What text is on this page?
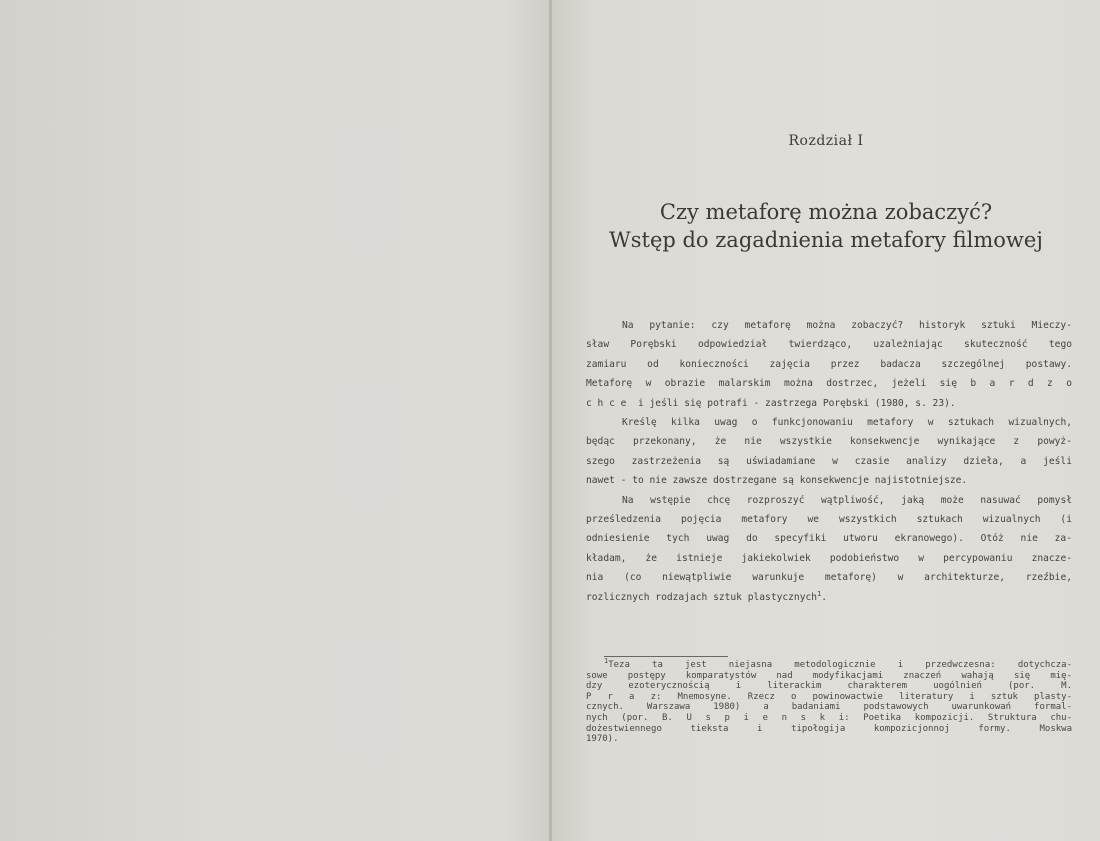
Rozdział I
Czy metaforę można zobaczyć?
Wstęp do zagadnienia metafory filmowej
Na pytanie: czy metaforę można zobaczyć? historyk sztuki Mieczy-
sław Porębski odpowiedział twierdząco, uzależniając skuteczność tego
zamiaru od konieczności zajęcia przez badacza szczególnej postawy.
Metaforę w obrazie malarskim można dostrzec, jeżeli się b a r d z o
c h c e  i jeśli się potrafi - zastrzega Porębski (1980, s. 23).
Kreślę kilka uwag o funkcjonowaniu metafory w sztukach wizualnych,
będąc przekonany, że nie wszystkie konsekwencje wynikające z powyż-
szego zastrzeżenia są uświadamiane w czasie analizy dzieła, a jeśli
nawet - to nie zawsze dostrzegane są konsekwencje najistotniejsze.
Na wstępie chcę rozproszyć wątpliwość, jaką może nasuwać pomysł
prześledzenia pojęcia metafory we wszystkich sztukach wizualnych (i
odniesienie tych uwag do specyfiki utworu ekranowego). Otóż nie za-
kładam, że istnieje jakiekolwiek podobieństwo w percypowaniu znacze-
nia (co niewątpliwie warunkuje metaforę) w architekturze, rzeźbie,
rozlicznych rodzajach sztuk plastycznych$^1$.
$^1$Teza ta jest niejasna metodologicznie i przedwczesna: dotychcza-
sowe postępy komparatystów nad modyfikacjami znaczeń wahają się mię-
dzy ezoterycznością i literackim charakterem uogólnień (por. M.
P r a z: Mnemosyne. Rzecz o powinowactwie literatury i sztuk plasty-
cznych. Warszawa 1980) a badaniami podstawowych uwarunkowań formal-
nych (por. B. U s p i e n s k i: Poetika kompozicji. Struktura chu-
dożestwiennego tieksta i tipołogija kompozicjonnoj formy. Moskwa
1970).
